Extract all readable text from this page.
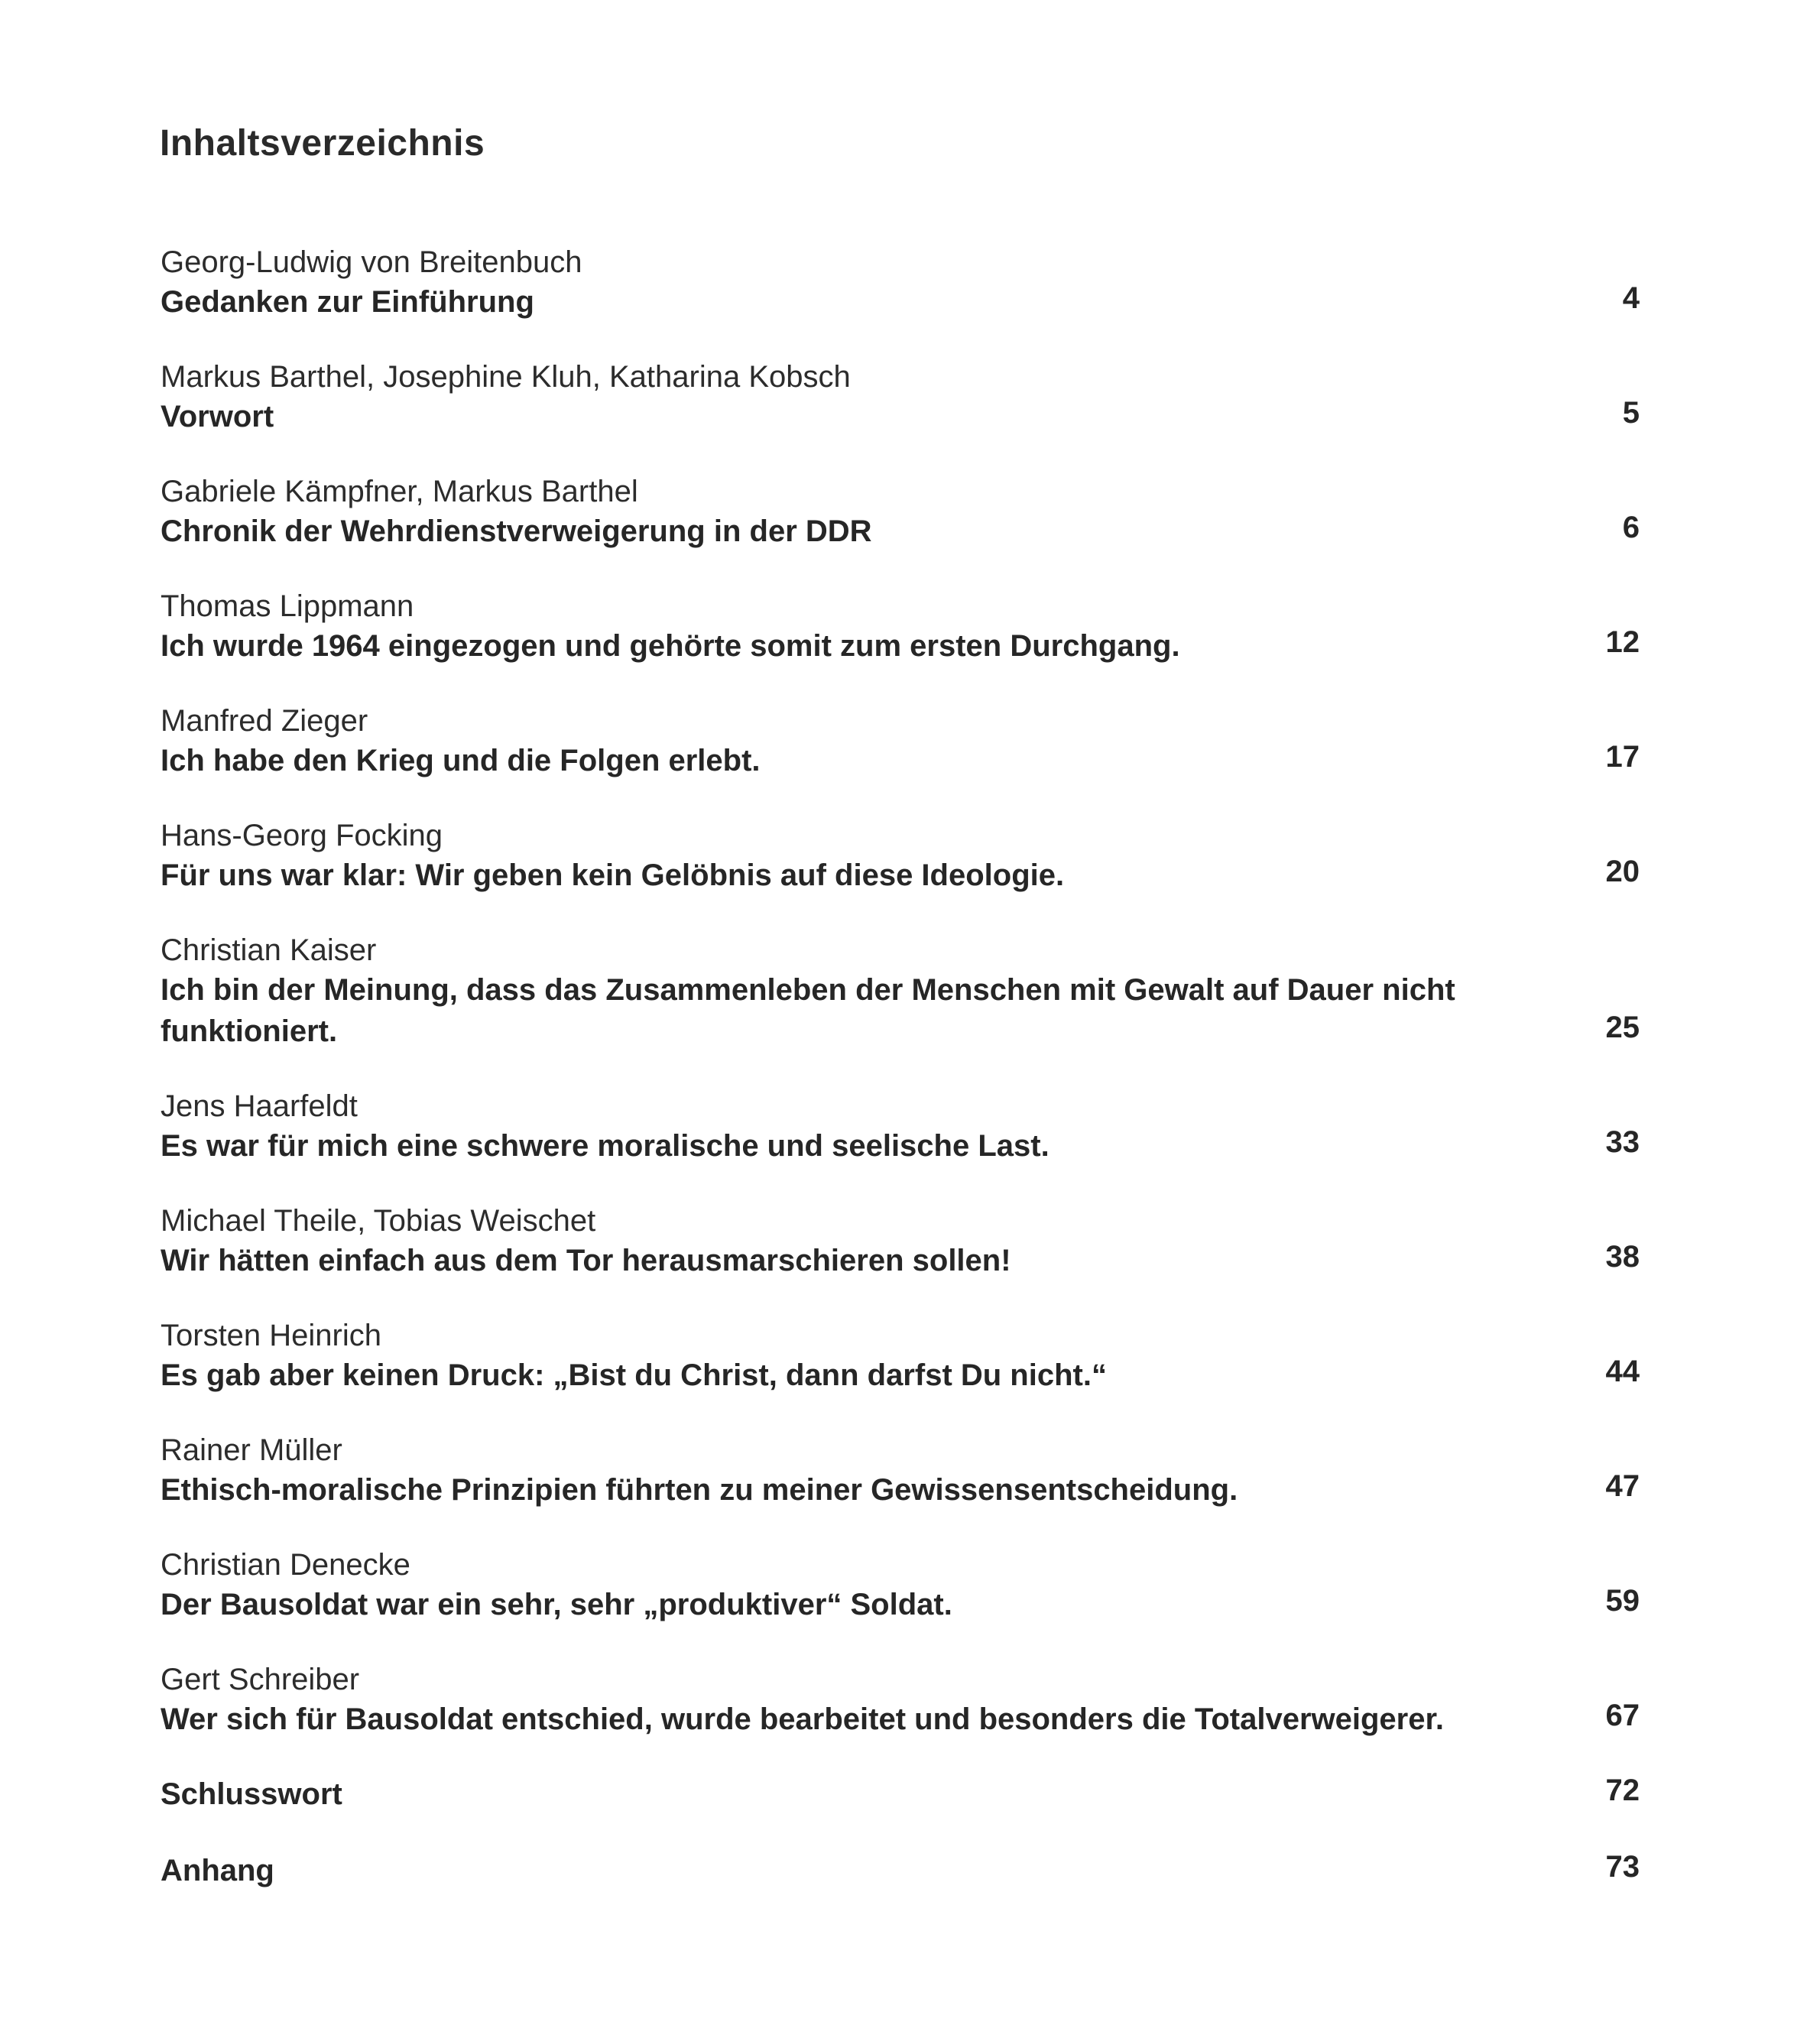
Inhaltsverzeichnis
Georg-Ludwig von Breitenbuch
Gedanken zur Einführung	4
Markus Barthel, Josephine Kluh, Katharina Kobsch
Vorwort	5
Gabriele Kämpfner, Markus Barthel
Chronik der Wehrdienstverweigerung in der DDR	6
Thomas Lippmann
Ich wurde 1964 eingezogen und gehörte somit zum ersten Durchgang.	12
Manfred Zieger
Ich habe den Krieg und die Folgen erlebt.	17
Hans-Georg Focking
Für uns war klar: Wir geben kein Gelöbnis auf diese Ideologie.	20
Christian Kaiser
Ich bin der Meinung, dass das Zusammenleben der Menschen mit Gewalt auf Dauer nicht funktioniert.	25
Jens Haarfeldt
Es war für mich eine schwere moralische und seelische Last.	33
Michael Theile, Tobias Weischet
Wir hätten einfach aus dem Tor herausmarschieren sollen!	38
Torsten Heinrich
Es gab aber keinen Druck: „Bist du Christ, dann darfst Du nicht.“	44
Rainer Müller
Ethisch-moralische Prinzipien führten zu meiner Gewissensentscheidung.	47
Christian Denecke
Der Bausoldat war ein sehr, sehr „produktiver“ Soldat.	59
Gert Schreiber
Wer sich für Bausoldat entschied, wurde bearbeitet und besonders die Totalverweigerer.	67
Schlusswort	72
Anhang	73
